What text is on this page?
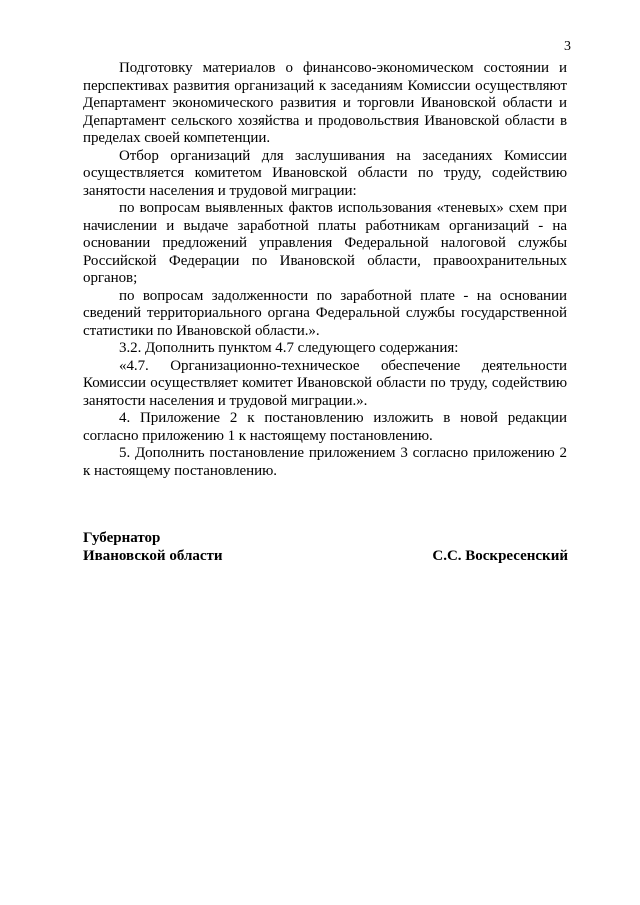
3

Подготовку материалов о финансово-экономическом состоянии и перспективах развития организаций к заседаниям Комиссии осуществляют Департамент экономического развития и торговли Ивановской области и Департамент сельского хозяйства и продовольствия Ивановской области в пределах своей компетенции.

Отбор организаций для заслушивания на заседаниях Комиссии осуществляется комитетом Ивановской области по труду, содействию занятости населения и трудовой миграции:

по вопросам выявленных фактов использования «теневых» схем при начислении и выдаче заработной платы работникам организаций - на основании предложений управления Федеральной налоговой службы Российской Федерации по Ивановской области, правоохранительных органов;

по вопросам задолженности по заработной плате - на основании сведений территориального органа Федеральной службы государственной статистики по Ивановской области.».

3.2. Дополнить пунктом 4.7 следующего содержания:

«4.7. Организационно-техническое обеспечение деятельности Комиссии осуществляет комитет Ивановской области по труду, содействию занятости населения и трудовой миграции.».

4. Приложение 2 к постановлению изложить в новой редакции согласно приложению 1 к настоящему постановлению.

5. Дополнить постановление приложением 3 согласно приложению 2 к настоящему постановлению.

Губернатор
Ивановской области	С.С. Воскресенский
